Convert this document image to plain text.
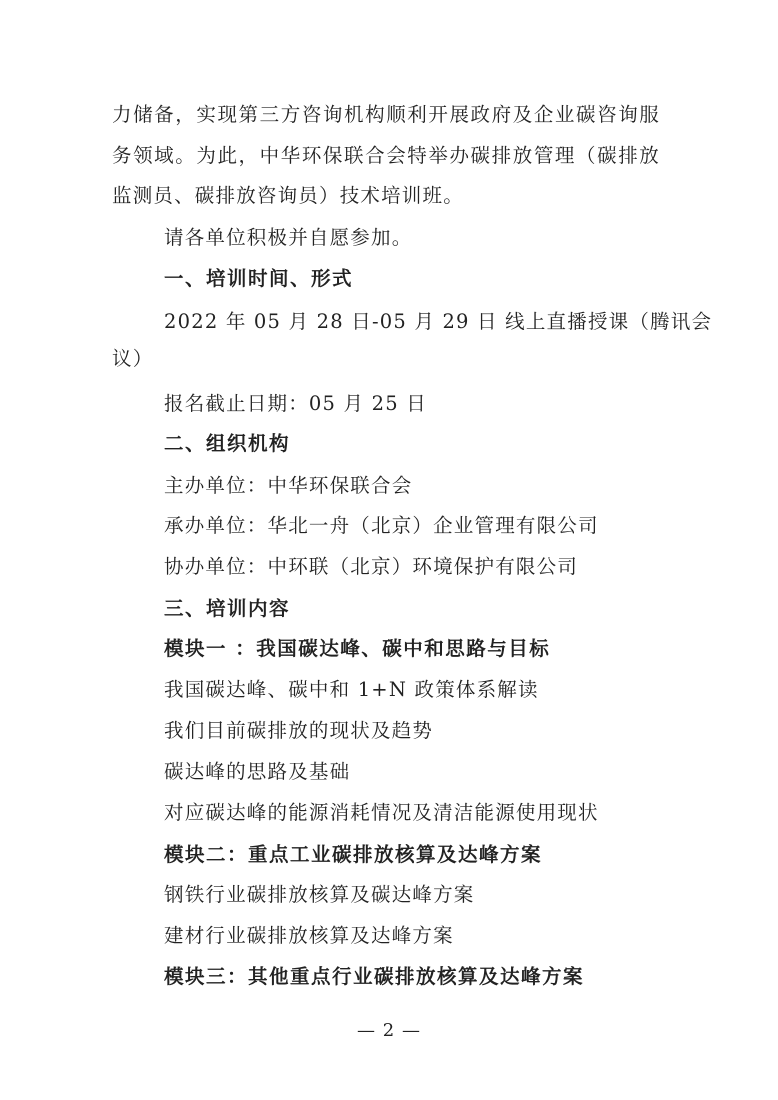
力储备，实现第三方咨询机构顺利开展政府及企业碳咨询服
务领域。为此，中华环保联合会特举办碳排放管理（碳排放
监测员、碳排放咨询员）技术培训班。
请各单位积极并自愿参加。
一、培训时间、形式
2022 年 05 月 28 日-05 月 29 日 线上直播授课（腾讯会
议）
报名截止日期：05 月 25 日
二、组织机构
主办单位：中华环保联合会
承办单位：华北一舟（北京）企业管理有限公司
协办单位：中环联（北京）环境保护有限公司
三、培训内容
模块一 ：我国碳达峰、碳中和思路与目标
我国碳达峰、碳中和 1+N 政策体系解读
我们目前碳排放的现状及趋势
碳达峰的思路及基础
对应碳达峰的能源消耗情况及清洁能源使用现状
模块二：重点工业碳排放核算及达峰方案
钢铁行业碳排放核算及碳达峰方案
建材行业碳排放核算及达峰方案
模块三：其他重点行业碳排放核算及达峰方案
— 2 —
